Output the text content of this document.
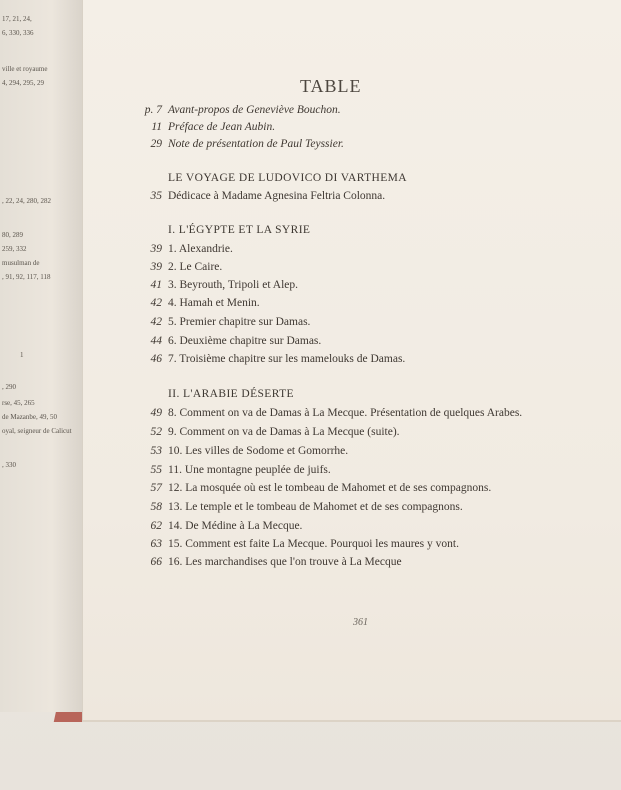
17, 21, 24,
6, 330, 336
ville et royaume
4, 294, 295, 29
, 22, 24, 280, 282
80, 289
259, 332
musulman de
, 91, 92, 117, 118
1
, 290
rse, 45, 265
de Mazanbe, 49, 50
oyal, seigneur de Calicut
, 330
TABLE
p. 7 Avant-propos de Geneviève Bouchon.
11 Préface de Jean Aubin.
29 Note de présentation de Paul Teyssier.
LE VOYAGE DE LUDOVICO DI VARTHEMA
35 Dédicace à Madame Agnesina Feltria Colonna.
I. L'ÉGYPTE ET LA SYRIE
39 1. Alexandrie.
39 2. Le Caire.
41 3. Beyrouth, Tripoli et Alep.
42 4. Hamah et Menin.
42 5. Premier chapitre sur Damas.
44 6. Deuxième chapitre sur Damas.
46 7. Troisième chapitre sur les mamelouks de Damas.
II. L'ARABIE DÉSERTE
49 8. Comment on va de Damas à La Mecque. Présentation de quelques Arabes.
52 9. Comment on va de Damas à La Mecque (suite).
53 10. Les villes de Sodome et Gomorrhe.
55 11. Une montagne peuplée de juifs.
57 12. La mosquée où est le tombeau de Mahomet et de ses compagnons.
58 13. Le temple et le tombeau de Mahomet et de ses compagnons.
62 14. De Médine à La Mecque.
63 15. Comment est faite La Mecque. Pourquoi les maures y vont.
66 16. Les marchandises que l'on trouve à La Mecque
361
